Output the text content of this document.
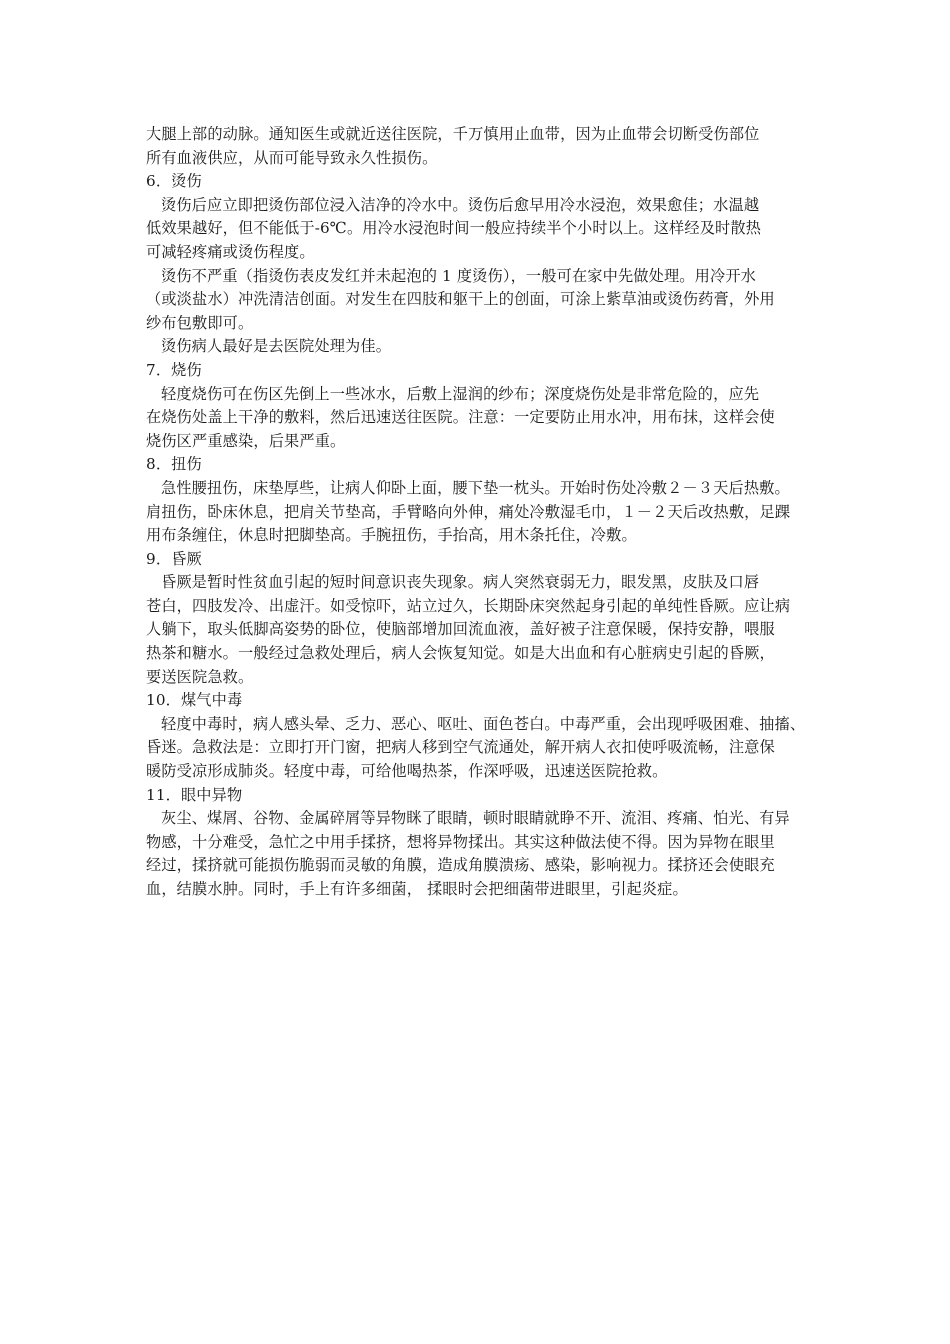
大腿上部的动脉。通知医生或就近送往医院，千万慎用止血带，因为止血带会切断受伤部位
所有血液供应，从而可能导致永久性损伤。
6．烫伤
烫伤后应立即把烫伤部位浸入洁净的冷水中。烫伤后愈早用冷水浸泡，效果愈佳；水温越
低效果越好，但不能低于-6℃。用冷水浸泡时间一般应持续半个小时以上。这样经及时散热
可减轻疼痛或烫伤程度。
烫伤不严重（指烫伤表皮发红并未起泡的 1 度烫伤），一般可在家中先做处理。用冷开水
（或淡盐水）冲洗清洁创面。对发生在四肢和躯干上的创面，可涂上紫草油或烫伤药膏，外用
纱布包敷即可。
烫伤病人最好是去医院处理为佳。
7．烧伤
轻度烧伤可在伤区先倒上一些冰水，后敷上湿润的纱布；深度烧伤处是非常危险的，应先
在烧伤处盖上干净的敷料，然后迅速送往医院。注意：一定要防止用水冲，用布抹，这样会使
烧伤区严重感染，后果严重。
8．扭伤
急性腰扭伤，床垫厚些，让病人仰卧上面，腰下垫一枕头。开始时伤处冷敷２－３天后热敷。
肩扭伤，卧床休息，把肩关节垫高，手臂略向外伸，痛处冷敷湿毛巾，１－２天后改热敷，足踝
用布条缠住，休息时把脚垫高。手腕扭伤，手抬高，用木条托住，冷敷。
9．昏厥
昏厥是暂时性贫血引起的短时间意识丧失现象。病人突然衰弱无力，眼发黑，皮肤及口唇
苍白，四肢发冷、出虚汗。如受惊吓，站立过久，长期卧床突然起身引起的单纯性昏厥。应让病
人躺下，取头低脚高姿势的卧位，使脑部增加回流血液，盖好被子注意保暖，保持安静，喂服
热茶和糖水。一般经过急救处理后，病人会恢复知觉。如是大出血和有心脏病史引起的昏厥，
要送医院急救。
10．煤气中毒
轻度中毒时，病人感头晕、乏力、恶心、呕吐、面色苍白。中毒严重，会出现呼吸困难、抽搐、
昏迷。急救法是：立即打开门窗，把病人移到空气流通处，解开病人衣扣使呼吸流畅，注意保
暖防受凉形成肺炎。轻度中毒，可给他喝热茶，作深呼吸，迅速送医院抢救。
11．眼中异物
灰尘、煤屑、谷物、金属碎屑等异物眯了眼睛，顿时眼睛就睁不开、流泪、疼痛、怕光、有异
物感，十分难受，急忙之中用手揉挤，想将异物揉出。其实这种做法使不得。因为异物在眼里
经过，揉挤就可能损伤脆弱而灵敏的角膜，造成角膜溃疡、感染，影响视力。揉挤还会使眼充
血，结膜水肿。同时，手上有许多细菌， 揉眼时会把细菌带进眼里，引起炎症。
